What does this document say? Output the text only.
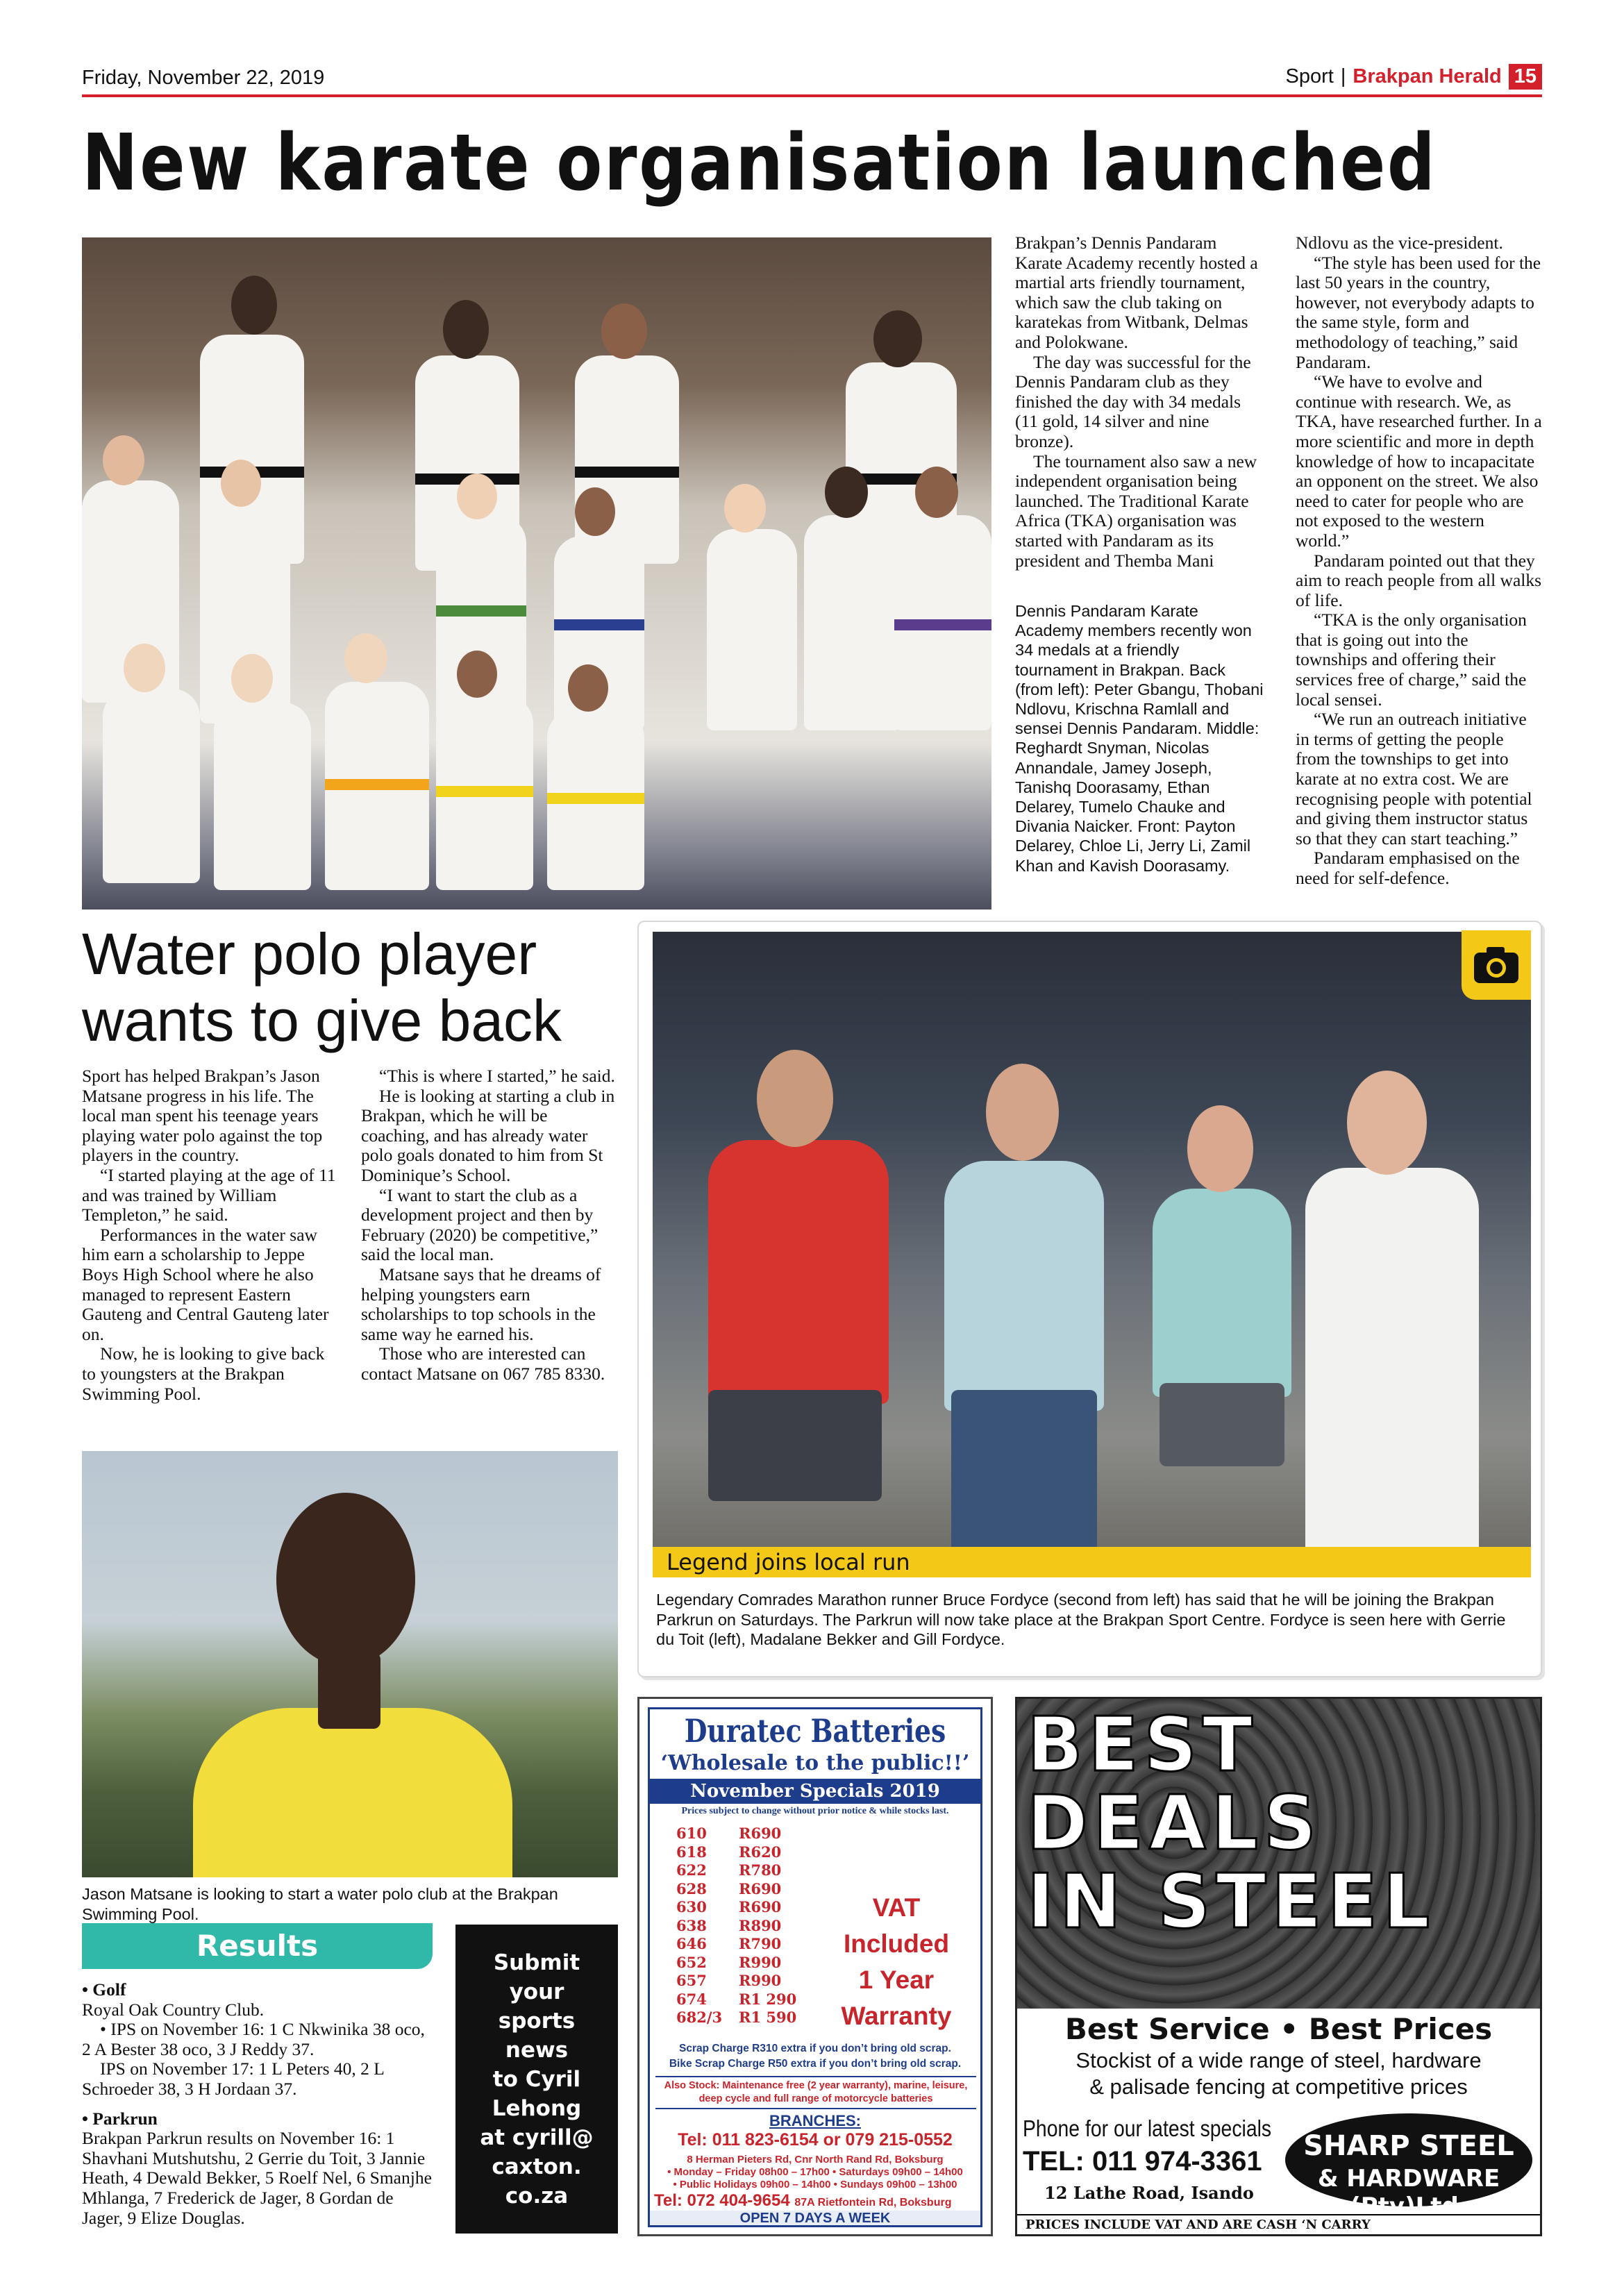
Friday, November 22, 2019	Sport | Brakpan Herald 15
New karate organisation launched

Brakpan’s Dennis Pandaram Karate Academy recently hosted a martial arts friendly tournament, which saw the club taking on karatekas from Witbank, Delmas and Polokwane.

The day was successful for the Dennis Pandaram club as they finished the day with 34 medals (11 gold, 14 silver and nine bronze).

The tournament also saw a new independent organisation being launched. The Traditional Karate Africa (TKA) organisation was started with Pandaram as its president and Themba Mani

Dennis Pandaram Karate Academy members recently won 34 medals at a friendly tournament in Brakpan. Back (from left): Peter Gbangu, Thobani Ndlovu, Krischna Ramlall and sensei Dennis Pandaram. Middle: Reghardt Snyman, Nicolas Annandale, Jamey Joseph, Tanishq Doorasamy, Ethan Delarey, Tumelo Chauke and Divania Naicker. Front: Payton Delarey, Chloe Li, Jerry Li, Zamil Khan and Kavish Doorasamy.

Ndlovu as the vice-president.

“The style has been used for the last 50 years in the country, however, not everybody adapts to the same style, form and methodology of teaching,” said Pandaram.

“We have to evolve and continue with research. We, as TKA, have researched further. In a more scientific and more in depth knowledge of how to incapacitate an opponent on the street. We also need to cater for people who are not exposed to the western world.”

Pandaram pointed out that they aim to reach people from all walks of life.

“TKA is the only organisation that is going out into the townships and offering their services free of charge,” said the local sensei.

“We run an outreach initiative in terms of getting the people from the townships to get into karate at no extra cost. We are recognising people with potential and giving them instructor status so that they can start teaching.”

Pandaram emphasised on the need for self-defence.

Water polo player wants to give back

Sport has helped Brakpan’s Jason Matsane progress in his life. The local man spent his teenage years playing water polo against the top players in the country.

“I started playing at the age of 11 and was trained by William Templeton,” he said.

Performances in the water saw him earn a scholarship to Jeppe Boys High School where he also managed to represent Eastern Gauteng and Central Gauteng later on.

Now, he is looking to give back to youngsters at the Brakpan Swimming Pool.

“This is where I started,” he said.

He is looking at starting a club in Brakpan, which he will be coaching, and has already water polo goals donated to him from St Dominique’s School.

“I want to start the club as a development project and then by February (2020) be competitive,” said the local man.

Matsane says that he dreams of helping youngsters earn scholarships to top schools in the same way he earned his.

Those who are interested can contact Matsane on 067 785 8330.

Legend joins local run
Legendary Comrades Marathon runner Bruce Fordyce (second from left) has said that he will be joining the Brakpan Parkrun on Saturdays. The Parkrun will now take place at the Brakpan Sport Centre. Fordyce is seen here with Gerrie du Toit (left), Madalane Bekker and Gill Fordyce.
Jason Matsane is looking to start a water polo club at the Brakpan Swimming Pool.
Results
• Golf
Royal Oak Country Club.

• IPS on November 16: 1 C Nkwinika 38 oco, 2 A Bester 38 oco, 3 J Reddy 37.

IPS on November 17: 1 L Peters 40, 2 L Schroeder 38, 3 H Jordaan 37.

• Parkrun
Brakpan Parkrun results on November 16: 1 Shavhani Mutshutshu, 2 Gerrie du Toit, 3 Jannie Heath, 4 Dewald Bekker, 5 Roelf Nel, 6 Smanjhe Mhlanga, 7 Frederick de Jager, 8 Gordan de Jager, 9 Elize Douglas.
Submit
your
sports
news
to Cyril
Lehong
at cyrill@
caxton.
co.za
Duratec Batteries
‘Wholesale to the public!!’
November Specials 2019
Prices subject to change without prior notice & while stocks last.
610	R690
618	R620
622	R780
628	R690
630	R690
638	R890
646	R790
652	R990
657	R990
674	R1 290
682/3	R1 590
VAT
Included
1 Year
Warranty
Scrap Charge R310 extra if you don’t bring old scrap.
Bike Scrap Charge R50 extra if you don’t bring old scrap.
Also Stock: Maintenance free (2 year warranty), marine, leisure, deep cycle and full range of motorcycle batteries
BRANCHES:
Tel: 011 823-6154 or 079 215-0552
8 Herman Pieters Rd, Cnr North Rand Rd, Boksburg
• Monday – Friday 08h00 – 17h00 • Saturdays 09h00 – 14h00
• Public Holidays 09h00 – 14h00 • Sundays 09h00 – 13h00
Tel: 072 404-9654 87A Rietfontein Rd, Boksburg
OPEN 7 DAYS A WEEK
BEST
DEALS
IN STEEL
Best Service • Best Prices
Stockist of a wide range of steel, hardware
& palisade fencing at competitive prices
Phone for our latest specials
TEL: 011 974-3361	SHARP STEEL
& HARDWARE (Pty)Ltd.
12 Lathe Road, Isando
PRICES INCLUDE VAT AND ARE CASH ‘N CARRY
